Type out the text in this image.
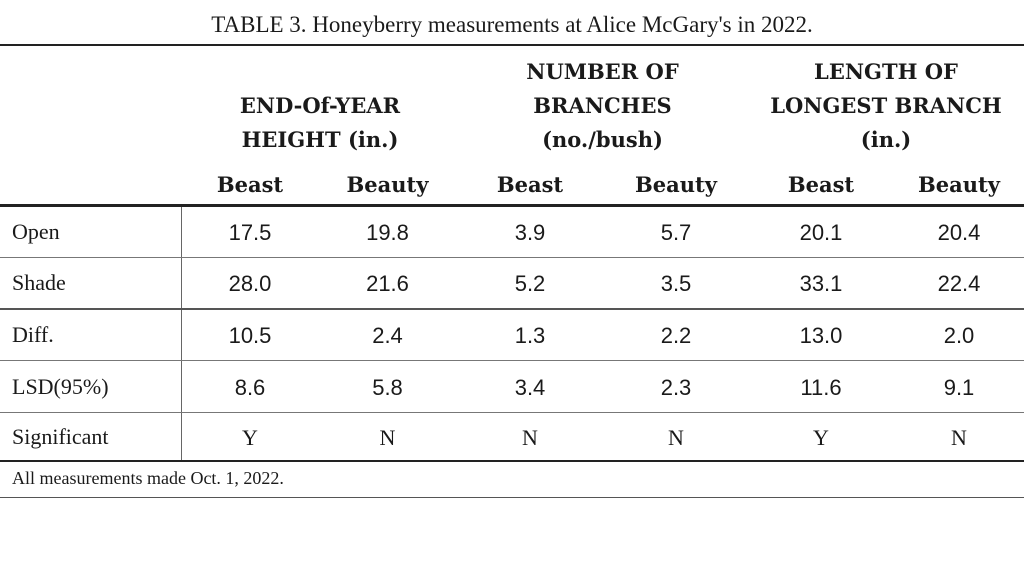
TABLE 3. Honeyberry measurements at Alice McGary's in 2022.
END-Of-YEAR
HEIGHT (in.)
NUMBER OF
BRANCHES
(no./bush)
LENGTH OF
LONGEST BRANCH
(in.)
Beast	Beauty	Beast	Beauty	Beast	Beauty
Open	17.5	19.8	3.9	5.7	20.1	20.4
Shade	28.0	21.6	5.2	3.5	33.1	22.4
Diff.	10.5	2.4	1.3	2.2	13.0	2.0
LSD(95%)	8.6	5.8	3.4	2.3	11.6	9.1
Significant	Y	N	N	N	Y	N
All measurements made Oct. 1, 2022.
